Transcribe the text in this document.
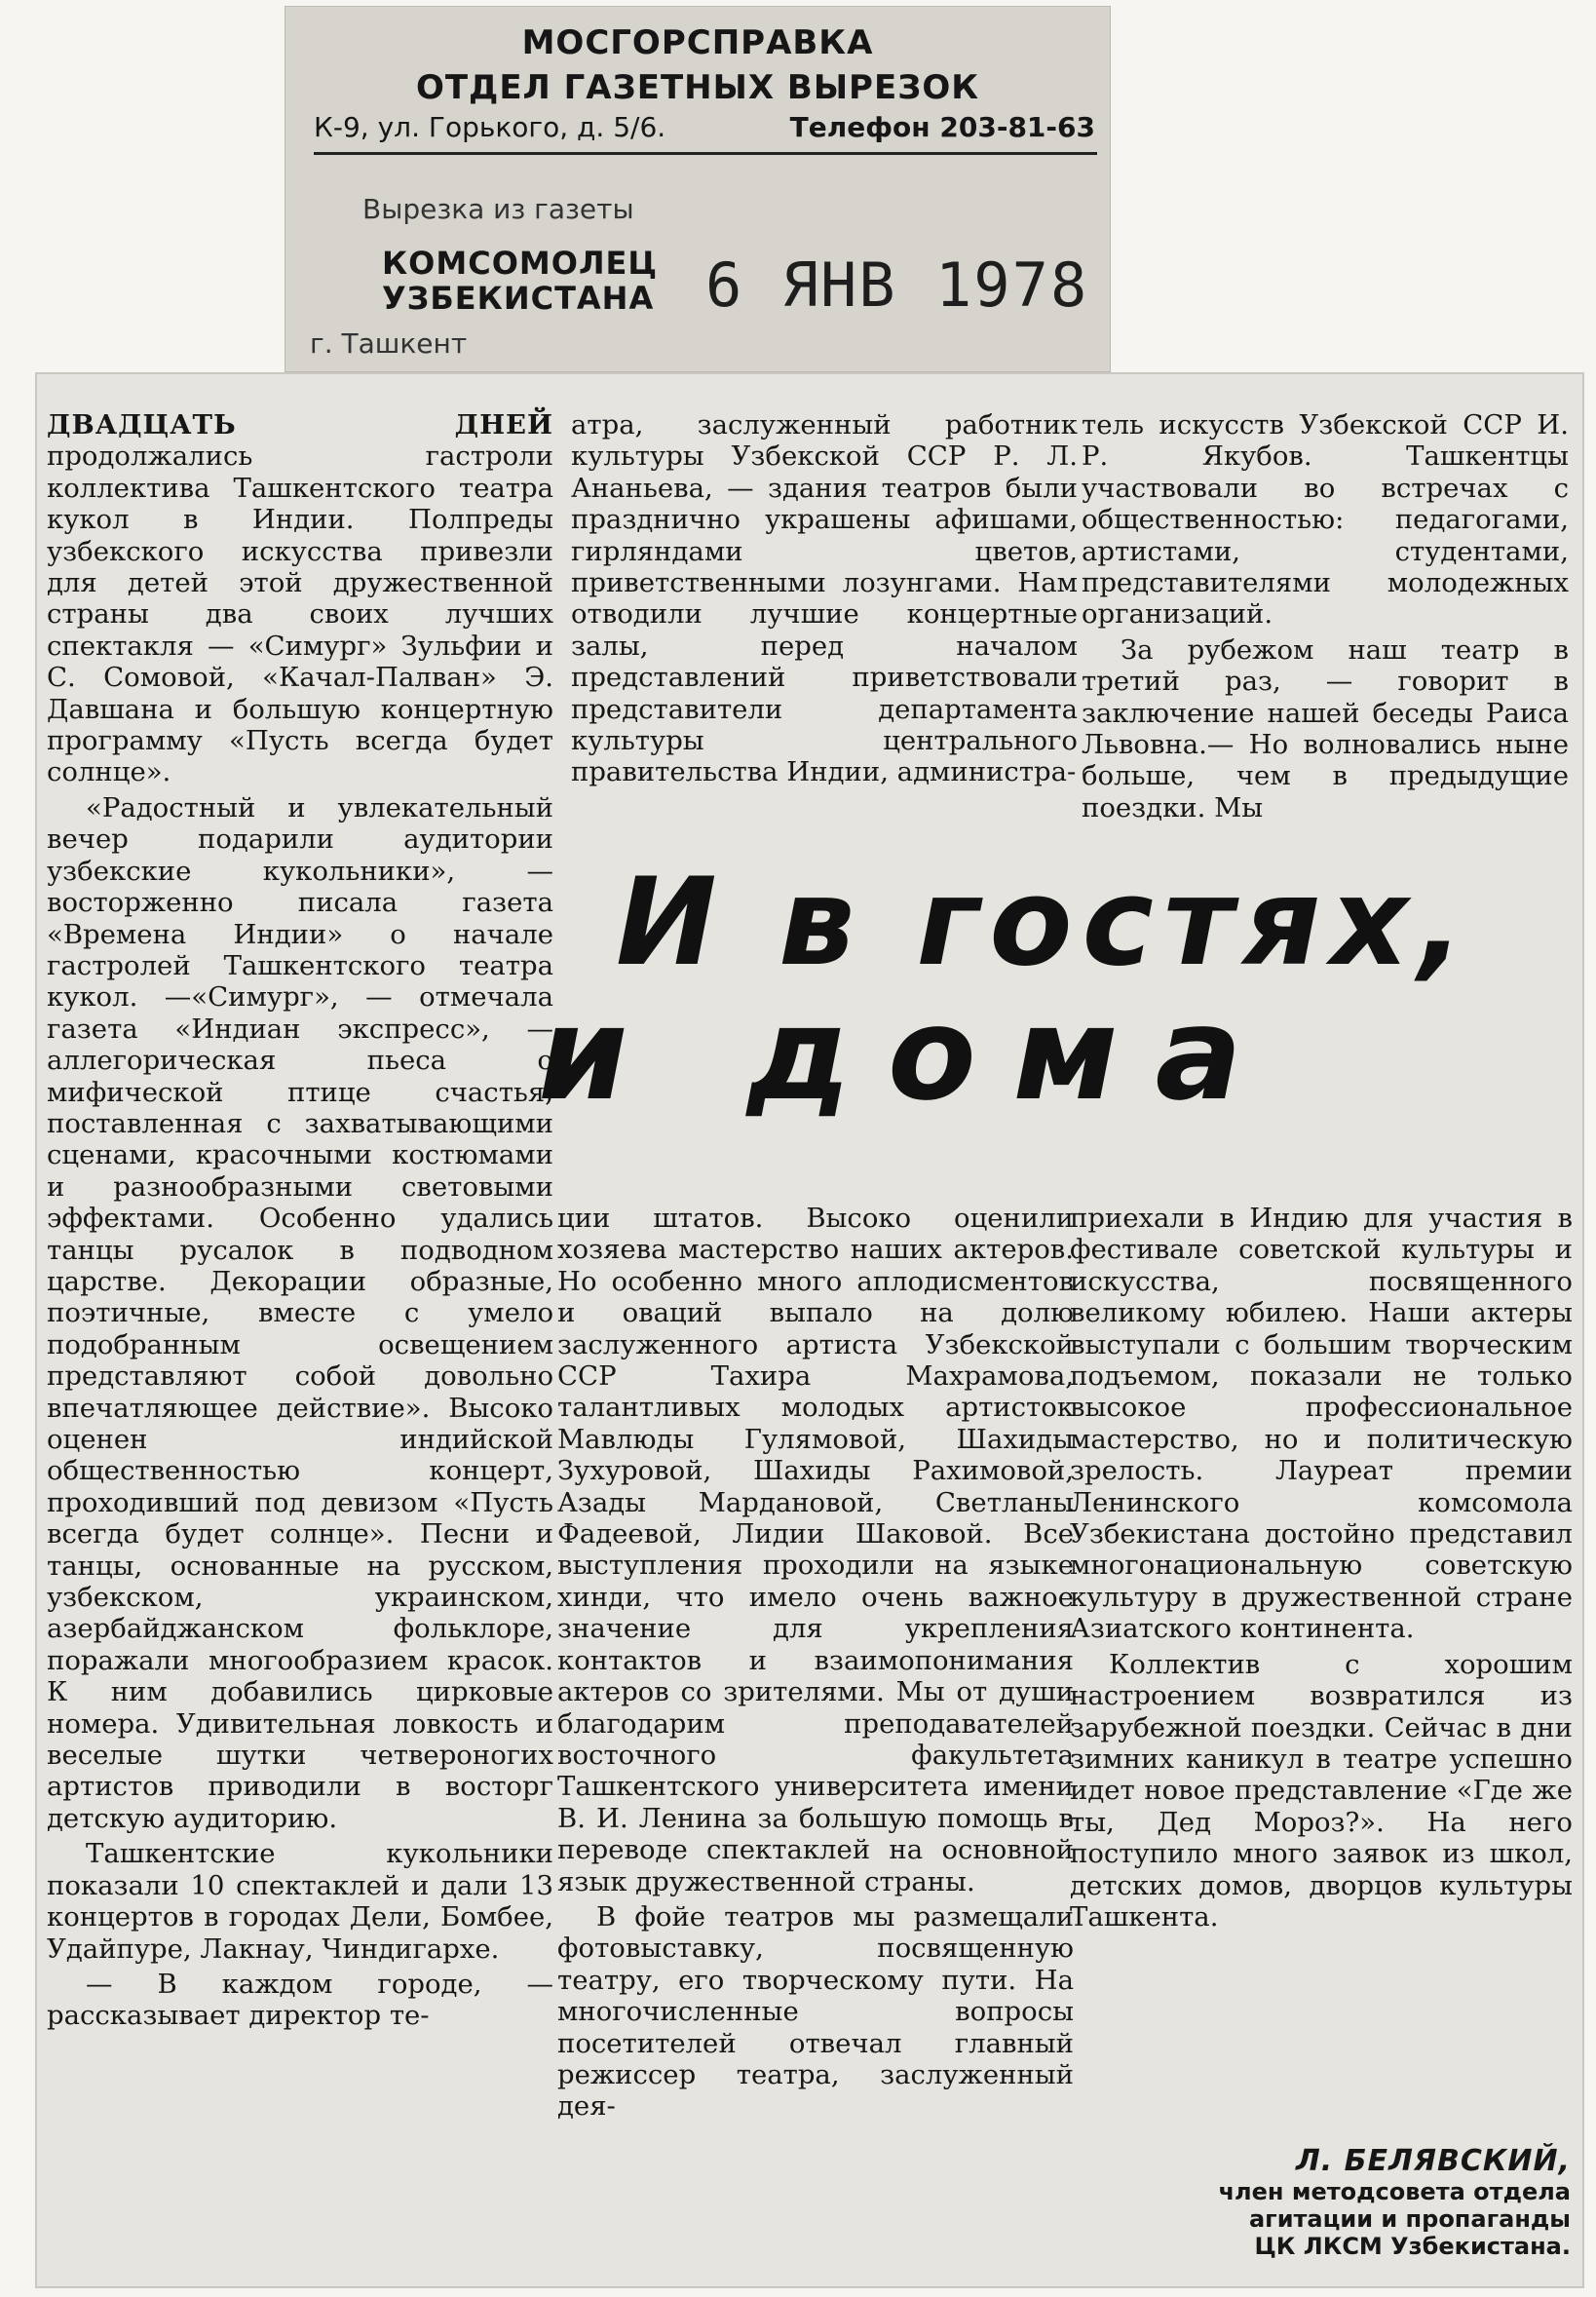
МОСГОРСПРАВКА
ОТДЕЛ ГАЗЕТНЫХ ВЫРЕЗОК
К-9, ул. Горького, д. 5/6.	Телефон 203-81-63
Вырезка из газеты
КОМСОМОЛЕЦ
УЗБЕКИСТАНА 6 ЯНВ 1978
г. Ташкент

ДВАДЦАТЬ ДНЕЙ продолжались гастроли коллектива Ташкентского театра кукол в Индии. Полпреды узбекского искусства привезли для детей этой дружественной страны два своих лучших спектакля — «Симург» Зульфии и С. Сомовой, «Качал-Палван» Э. Давшана и большую концертную программу «Пусть всегда будет солнце».

«Радостный и увлекательный вечер подарили аудитории узбекские кукольники», — восторженно писала газета «Времена Индии» о начале гастролей Ташкентского театра кукол. —«Симург», — отмечала газета «Индиан экспресс», — аллегорическая пьеса о мифической птице счастья, поставленная с захватывающими сценами, красочными костюмами и разнообразными световыми эффектами. Особенно удались танцы русалок в подводном царстве. Декорации образные, поэтичные, вместе с умело подобранным освещением представляют собой довольно впечатляющее действие». Высоко оценен индийской общественностью концерт, проходивший под девизом «Пусть всегда будет солнце». Песни и танцы, основанные на русском, узбекском, украинском, азербайджанском фольклоре, поражали многообразием красок. К ним добавились цирковые номера. Удивительная ловкость и веселые шутки четвероногих артистов приводили в восторг детскую аудиторию.

Ташкентские кукольники показали 10 спектаклей и дали 13 концертов в городах Дели, Бомбее, Удайпуре, Лакнау, Чиндигархе.

— В каждом городе, — рассказывает директор те-

атра, заслуженный работник культуры Узбекской ССР Р. Л. Ананьева, — здания театров были празднично украшены афишами, гирляндами цветов, приветственными лозунгами. Нам отводили лучшие концертные залы, перед началом представлений приветствовали представители департамента культуры центрального правительства Индии, администра-

тель искусств Узбекской ССР И. Р. Якубов. Ташкентцы участвовали во встречах с общественностью: педагогами, артистами, студентами, представителями молодежных организаций.

За рубежом наш театр в третий раз, — говорит в заключение нашей беседы Раиса Львовна.— Но волновались ныне больше, чем в предыдущие поездки. Мы

И в гостях,
и дома

ции штатов. Высоко оценили хозяева мастерство наших актеров. Но особенно много аплодисментов и оваций выпало на долю заслуженного артиста Узбекской ССР Тахира Махрамова, талантливых молодых артисток Мавлюды Гулямовой, Шахиды Зухуровой, Шахиды Рахимовой, Азады Мардановой, Светланы Фадеевой, Лидии Шаковой. Все выступления проходили на языке хинди, что имело очень важное значение для укрепления контактов и взаимопонимания актеров со зрителями. Мы от души благодарим преподавателей восточного факультета Ташкентского университета имени В. И. Ленина за большую помощь в переводе спектаклей на основной язык дружественной страны.

В фойе театров мы размещали фотовыставку, посвященную театру, его творческому пути. На многочисленные вопросы посетителей отвечал главный режиссер театра, заслуженный дея-

приехали в Индию для участия в фестивале советской культуры и искусства, посвященного великому юбилею. Наши актеры выступали с большим творческим подъемом, показали не только высокое профессиональное мастерство, но и политическую зрелость. Лауреат премии Ленинского комсомола Узбекистана достойно представил многонациональную советскую культуру в дружественной стране Азиатского континента.

Коллектив с хорошим настроением возвратился из зарубежной поездки. Сейчас в дни зимних каникул в театре успешно идет новое представление «Где же ты, Дед Мороз?». На него поступило много заявок из школ, детских домов, дворцов культуры Ташкента.

Л. БЕЛЯВСКИЙ,
член методсовета отдела
агитации и пропаганды
ЦК ЛКСМ Узбекистана.
